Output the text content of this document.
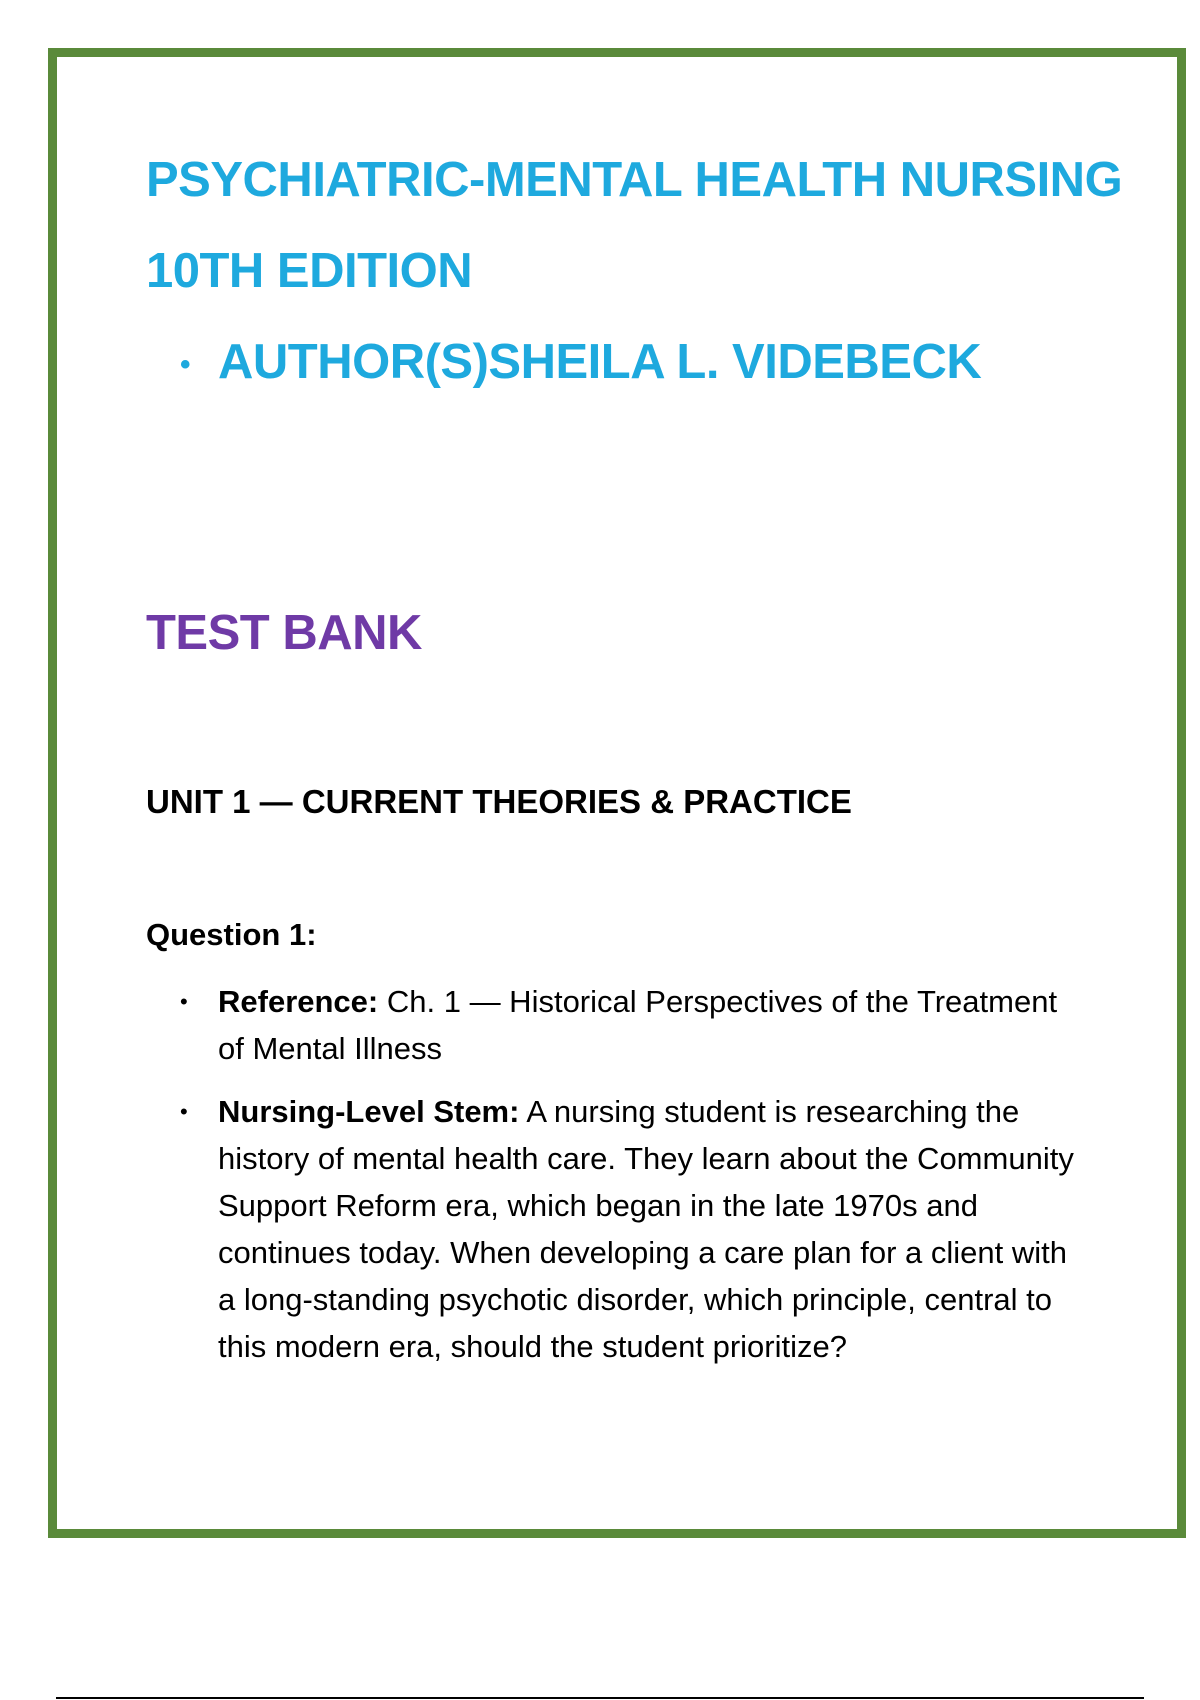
PSYCHIATRIC-MENTAL HEALTH NURSING
10TH EDITION
• AUTHOR(S)SHEILA L. VIDEBECK
TEST BANK
UNIT 1 — CURRENT THEORIES & PRACTICE
Question 1:
• Reference: Ch. 1 — Historical Perspectives of the Treatment of Mental Illness
• Nursing-Level Stem: A nursing student is researching the history of mental health care. They learn about the Community Support Reform era, which began in the late 1970s and continues today. When developing a care plan for a client with a long-standing psychotic disorder, which principle, central to this modern era, should the student prioritize?
